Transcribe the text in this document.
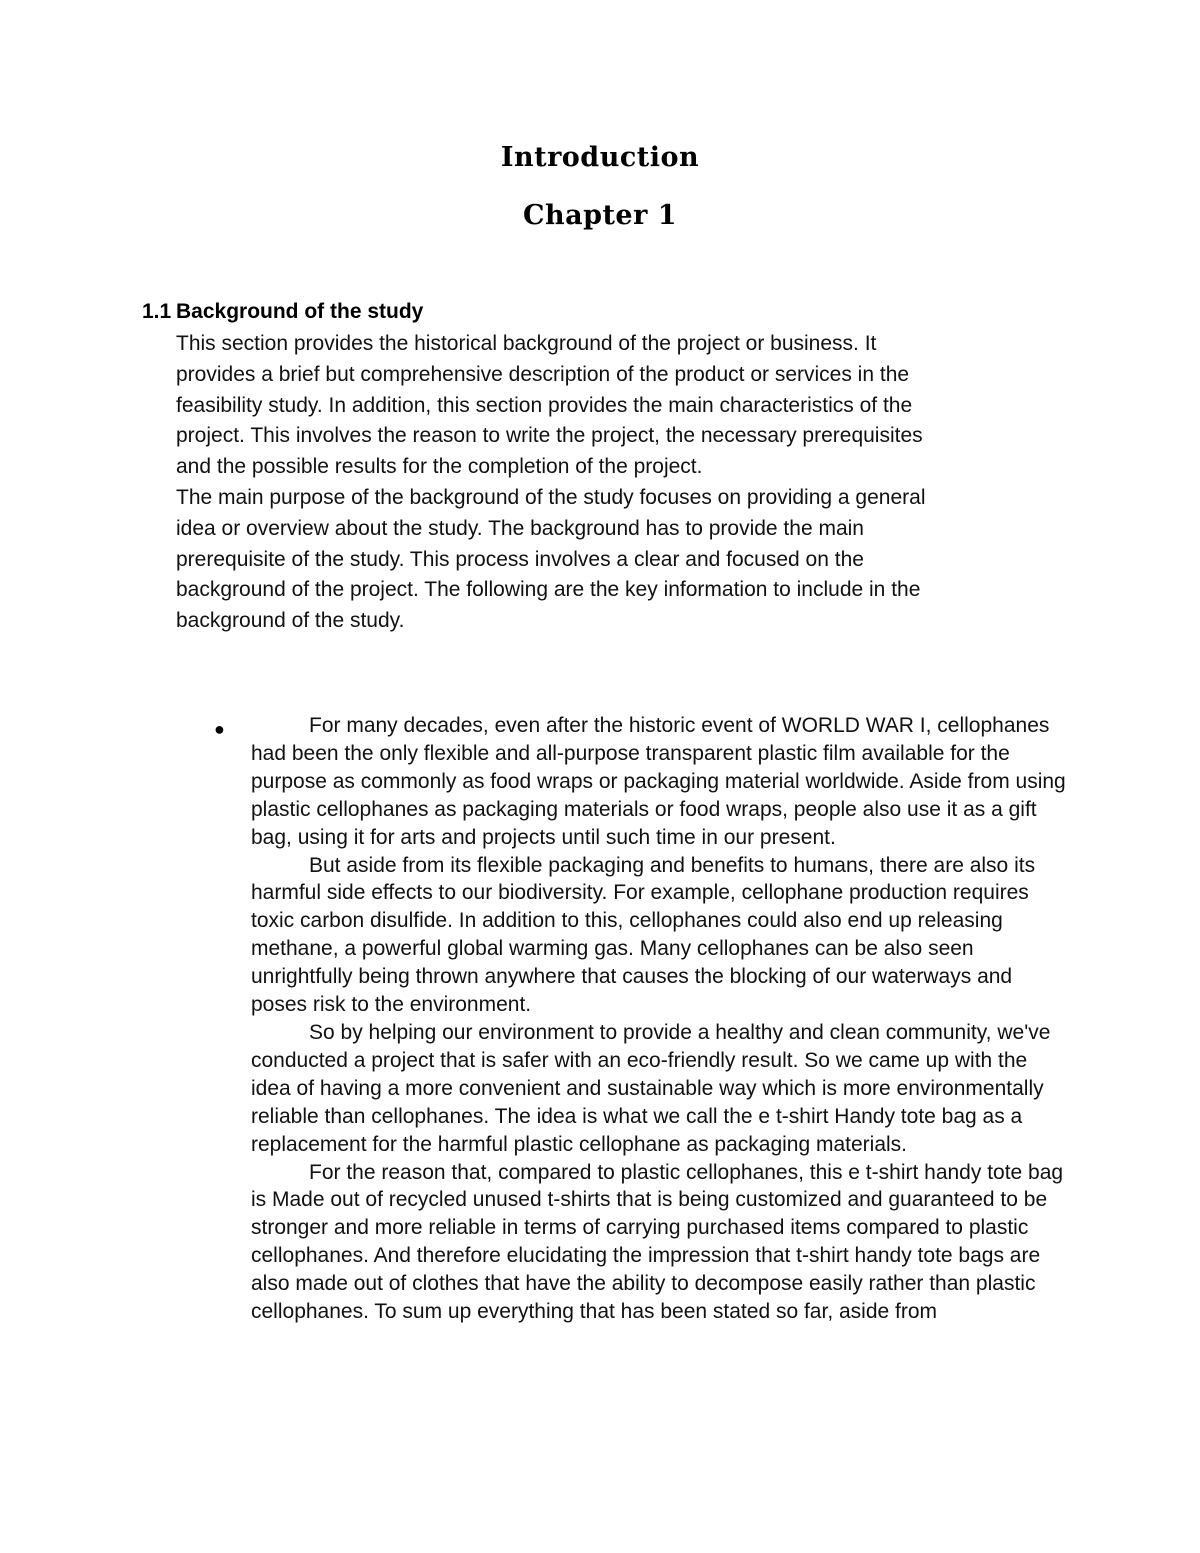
Introduction
Chapter 1
1.1 Background of the study

This section provides the historical background of the project or business. It provides a brief but comprehensive description of the product or services in the feasibility study. In addition, this section provides the main characteristics of the project. This involves the reason to write the project, the necessary prerequisites and the possible results for the completion of the project.

The main purpose of the background of the study focuses on providing a general idea or overview about the study. The background has to provide the main prerequisite of the study. This process involves a clear and focused on the background of the project. The following are the key information to include in the background of the study.

●	For many decades, even after the historic event of WORLD WAR I, cellophanes had been the only flexible and all-purpose transparent plastic film available for the purpose as commonly as food wraps or packaging material worldwide. Aside from using plastic cellophanes as packaging materials or food wraps, people also use it as a gift bag, using it for arts and projects until such time in our present.

But aside from its flexible packaging and benefits to humans, there are also its harmful side effects to our biodiversity. For example, cellophane production requires toxic carbon disulfide. In addition to this, cellophanes could also end up releasing methane, a powerful global warming gas. Many cellophanes can be also seen unrightfully being thrown anywhere that causes the blocking of our waterways and poses risk to the environment.

So by helping our environment to provide a healthy and clean community, we've conducted a project that is safer with an eco-friendly result. So we came up with the idea of having a more convenient and sustainable way which is more environmentally reliable than cellophanes. The idea is what we call the e t-shirt Handy tote bag as a replacement for the harmful plastic cellophane as packaging materials.

For the reason that, compared to plastic cellophanes, this e t-shirt handy tote bag is Made out of recycled unused t-shirts that is being customized and guaranteed to be stronger and more reliable in terms of carrying purchased items compared to plastic cellophanes. And therefore elucidating the impression that t-shirt handy tote bags are also made out of clothes that have the ability to decompose easily rather than plastic cellophanes. To sum up everything that has been stated so far, aside from
